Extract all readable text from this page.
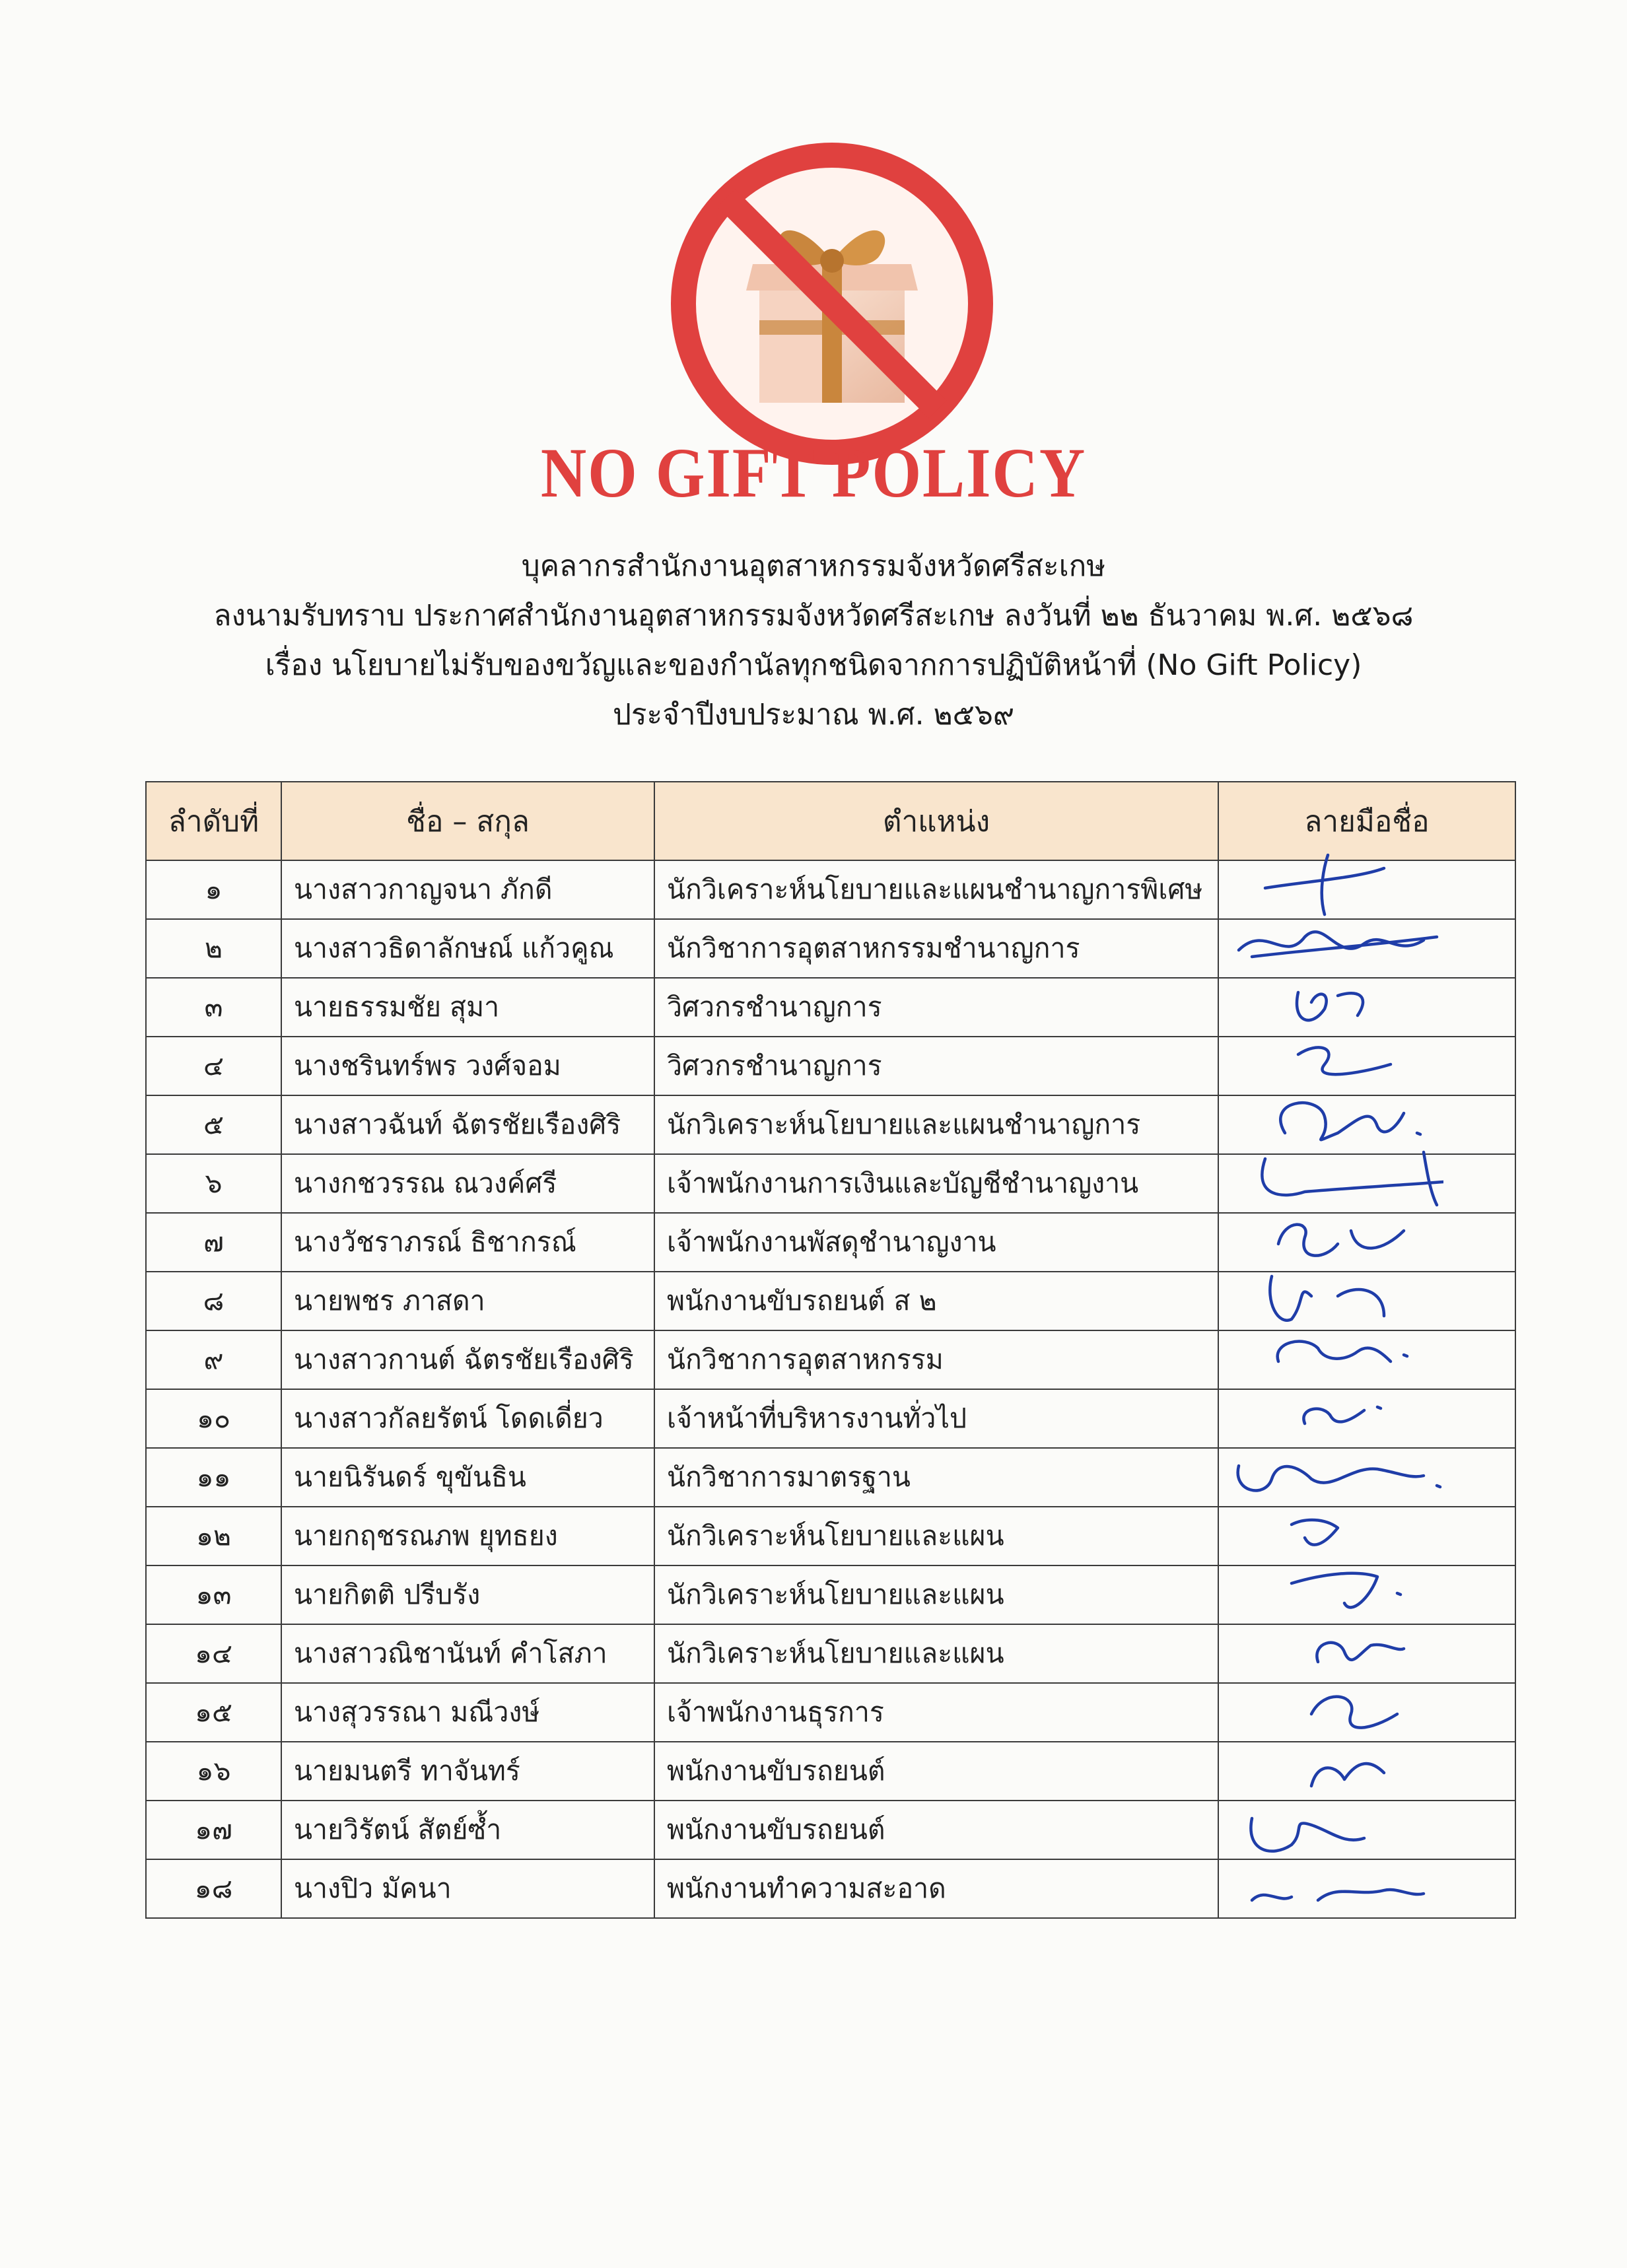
NO GIFT POLICY
บุคลากรสำนักงานอุตสาหกรรมจังหวัดศรีสะเกษ
ลงนามรับทราบ ประกาศสำนักงานอุตสาหกรรมจังหวัดศรีสะเกษ ลงวันที่ ๒๒ ธันวาคม พ.ศ. ๒๕๖๘
เรื่อง นโยบายไม่รับของขวัญและของกำนัลทุกชนิดจากการปฏิบัติหน้าที่ (No Gift Policy)
ประจำปีงบประมาณ พ.ศ. ๒๕๖๙
ลำดับที่	ชื่อ – สกุล	ตำแหน่ง	ลายมือชื่อ
๑	นางสาวกาญจนา ภักดี	นักวิเคราะห์นโยบายและแผนชำนาญการพิเศษ	

๒	นางสาวธิดาลักษณ์ แก้วคูณ	นักวิชาการอุตสาหกรรมชำนาญการ	

๓	นายธรรมชัย สุมา	วิศวกรชำนาญการ	

๔	นางชรินทร์พร วงศ์จอม	วิศวกรชำนาญการ	

๕	นางสาวฉันท์ ฉัตรชัยเรืองศิริ	นักวิเคราะห์นโยบายและแผนชำนาญการ	

๖	นางกชวรรณ ณวงค์ศรี	เจ้าพนักงานการเงินและบัญชีชำนาญงาน	

๗	นางวัชราภรณ์ ธิชากรณ์	เจ้าพนักงานพัสดุชำนาญงาน	

๘	นายพชร ภาสดา	พนักงานขับรถยนต์ ส ๒	

๙	นางสาวกานต์ ฉัตรชัยเรืองศิริ	นักวิชาการอุตสาหกรรม	

๑๐	นางสาวกัลยรัตน์ โดดเดี่ยว	เจ้าหน้าที่บริหารงานทั่วไป	

๑๑	นายนิรันดร์ ขุขันธิน	นักวิชาการมาตรฐาน	

๑๒	นายกฤชรณภพ ยุทธยง	นักวิเคราะห์นโยบายและแผน	

๑๓	นายกิตติ ปรีบรัง	นักวิเคราะห์นโยบายและแผน	

๑๔	นางสาวณิชานันท์ คำโสภา	นักวิเคราะห์นโยบายและแผน	

๑๕	นางสุวรรณา มณีวงษ์	เจ้าพนักงานธุรการ	

๑๖	นายมนตรี ทาจันทร์	พนักงานขับรถยนต์	

๑๗	นายวิรัตน์ สัตย์ซ้ำ	พนักงานขับรถยนต์	

๑๘	นางปิว มัคนา	พนักงานทำความสะอาด	
